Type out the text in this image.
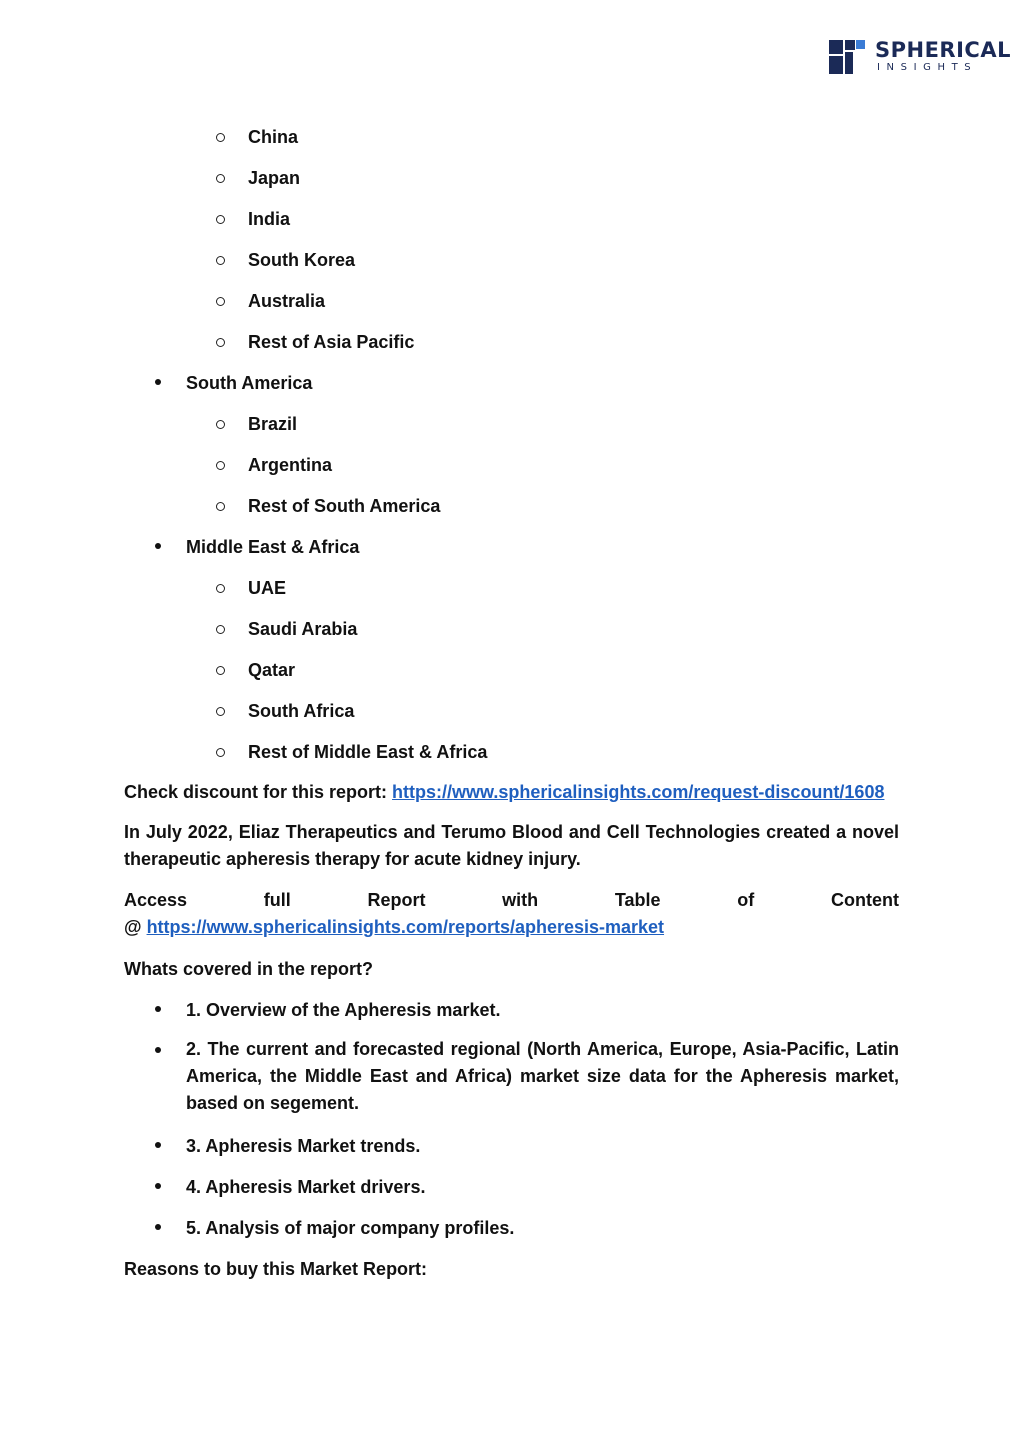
SPHERICAL
INSIGHTS
China
Japan
India
South Korea
Australia
Rest of Asia Pacific
South America
Brazil
Argentina
Rest of South America
Middle East & Africa
UAE
Saudi Arabia
Qatar
South Africa
Rest of Middle East & Africa
Check discount for this report: https://www.sphericalinsights.com/request-discount/1608
In July 2022, Eliaz Therapeutics and Terumo Blood and Cell Technologies created a novel therapeutic apheresis therapy for acute kidney injury.
Access	full	Report	with	Table	of	Content
@ https://www.sphericalinsights.com/reports/apheresis-market
Whats covered in the report?
1. Overview of the Apheresis market.
2. The current and forecasted regional (North America, Europe, Asia-Pacific, Latin America, the Middle East and Africa) market size data for the Apheresis market, based on segement.
3. Apheresis Market trends.
4. Apheresis Market drivers.
5. Analysis of major company profiles.
Reasons to buy this Market Report:
